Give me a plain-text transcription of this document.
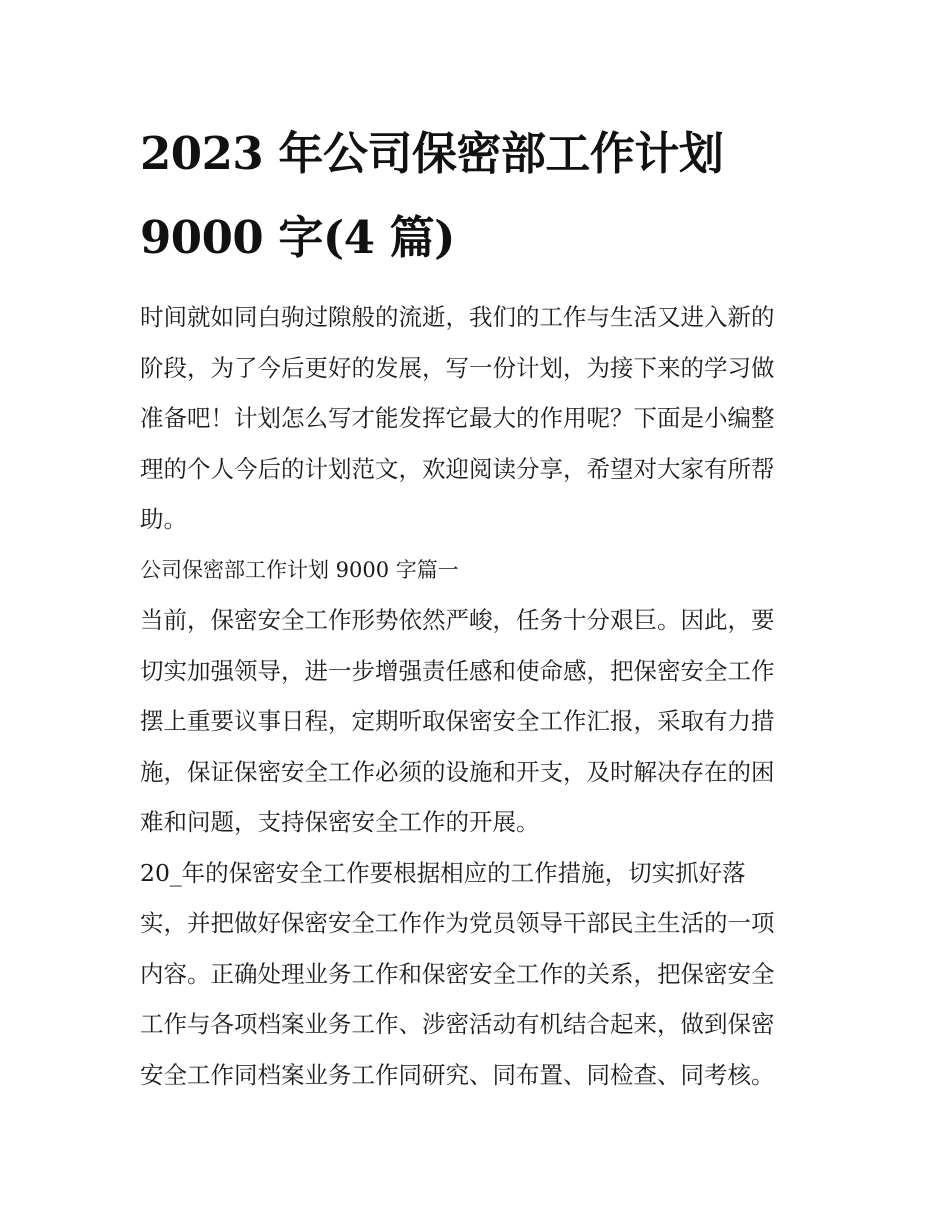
2023 年公司保密部工作计划
9000 字(4 篇)

时间就如同白驹过隙般的流逝，我们的工作与生活又进入新的
阶段，为了今后更好的发展，写一份计划，为接下来的学习做
准备吧！计划怎么写才能发挥它最大的作用呢？下面是小编整
理的个人今后的计划范文，欢迎阅读分享，希望对大家有所帮
助。

公司保密部工作计划 9000 字篇一

当前，保密安全工作形势依然严峻，任务十分艰巨。因此，要
切实加强领导，进一步增强责任感和使命感，把保密安全工作
摆上重要议事日程，定期听取保密安全工作汇报，采取有力措
施，保证保密安全工作必须的设施和开支，及时解决存在的困
难和问题，支持保密安全工作的开展。

20_年的保密安全工作要根据相应的工作措施，切实抓好落
实，并把做好保密安全工作作为党员领导干部民主生活的一项
内容。正确处理业务工作和保密安全工作的关系，把保密安全
工作与各项档案业务工作、涉密活动有机结合起来，做到保密
安全工作同档案业务工作同研究、同布置、同检查、同考核。
